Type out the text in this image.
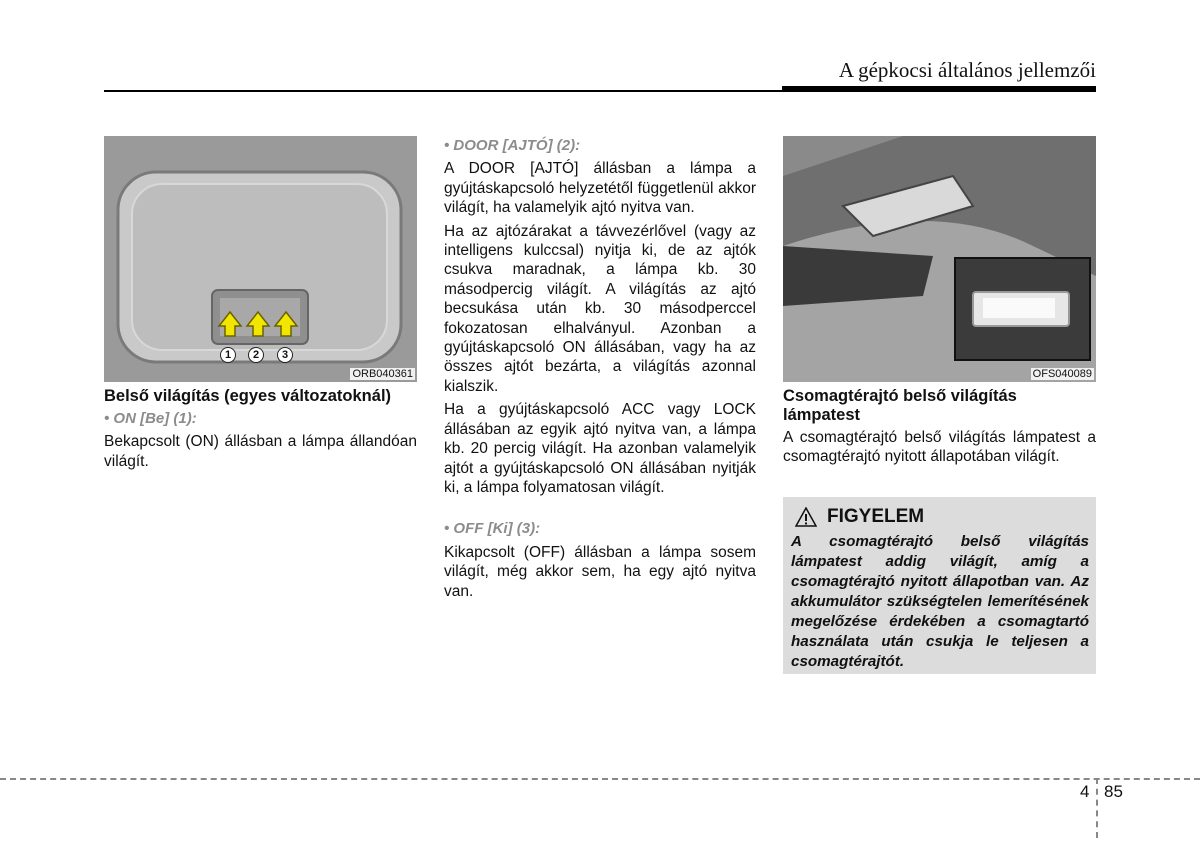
A gépkocsi általános jellemzői
ORB040361
1	2	3
Belső világítás (egyes változatoknál)
• ON [Be] (1):

Bekapcsolt (ON) állásban a lámpa állandóan világít.

• DOOR [AJTÓ] (2):

A DOOR [AJTÓ] állásban a lámpa a gyújtáskapcsoló helyzetétől függetlenül akkor világít, ha valamelyik ajtó nyitva van.

Ha az ajtózárakat a távvezérlővel (vagy az intelligens kulccsal) nyitja ki, de az ajtók csukva maradnak, a lámpa kb. 30 másodpercig világít. A világítás az ajtó becsukása után kb. 30 másodperccel fokozatosan elhalványul. Azonban a gyújtáskapcsoló ON állásában, vagy ha az összes ajtót bezárta, a világítás azonnal kialszik.

Ha a gyújtáskapcsoló ACC vagy LOCK állásában az egyik ajtó nyitva van, a lámpa kb. 20 percig világít. Ha azonban valamelyik ajtót a gyújtáskapcsoló ON állásában nyitják ki, a lámpa folyamatosan világít.

• OFF [Ki] (3):

Kikapcsolt (OFF) állásban a lámpa sosem világít, még akkor sem, ha egy ajtó nyitva van.

OFS040089
Csomagtérajtó belső világítás lámpatest

A csomagtérajtó belső világítás lámpatest a csomagtérajtó nyitott állapotában világít.

FIGYELEM
A csomagtérajtó belső világítás lámpatest addig világít, amíg a csomagtérajtó nyitott állapotban van. Az akkumulátor szükségtelen lemerítésének megelőzése érdekében a csomagtartó használata után csukja le teljesen a csomagtérajtót.
4 85
